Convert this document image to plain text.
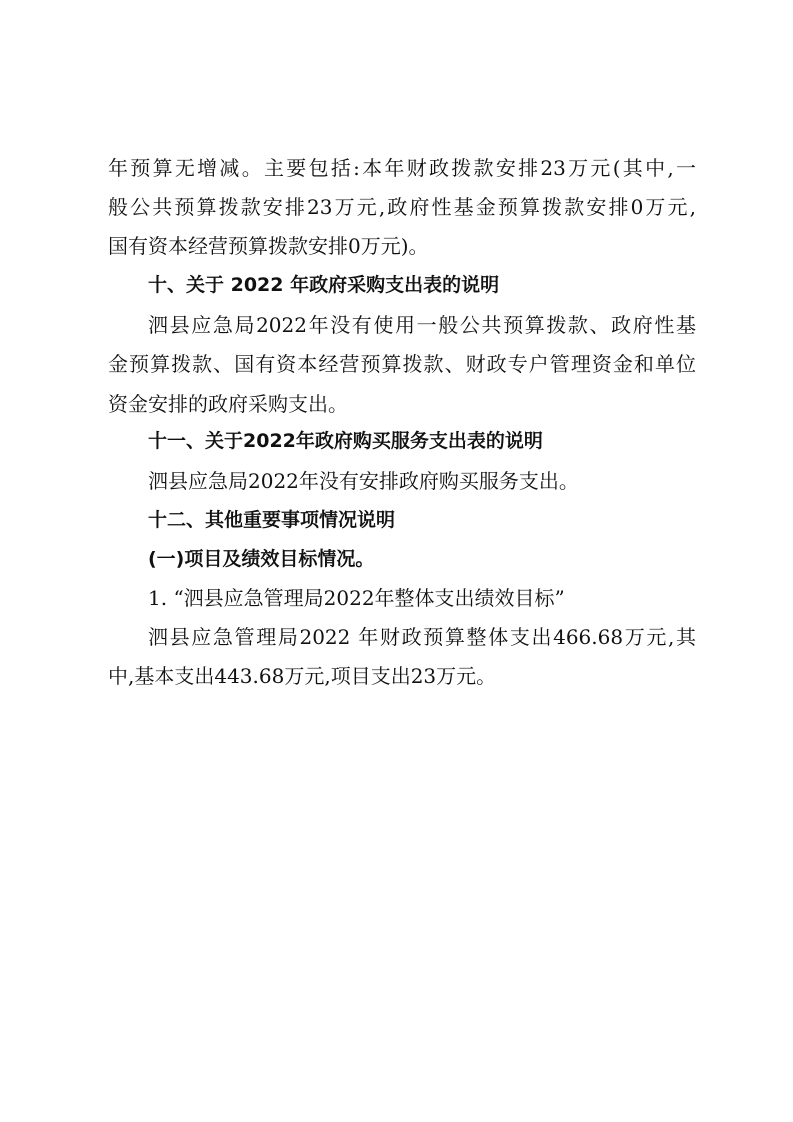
年预算无增减。主要包括:本年财政拨款安排23万元(其中,一
般公共预算拨款安排23万元,政府性基金预算拨款安排0万元,
国有资本经营预算拨款安排0万元)。
十、关于 2022 年政府采购支出表的说明
泗县应急局2022年没有使用一般公共预算拨款、政府性基
金预算拨款、国有资本经营预算拨款、财政专户管理资金和单位
资金安排的政府采购支出。
十一、关于2022年政府购买服务支出表的说明
泗县应急局2022年没有安排政府购买服务支出。
十二、其他重要事项情况说明
(一)项目及绩效目标情况。
1. “泗县应急管理局2022年整体支出绩效目标”
泗县应急管理局2022 年财政预算整体支出466.68万元,其
中,基本支出443.68万元,项目支出23万元。
